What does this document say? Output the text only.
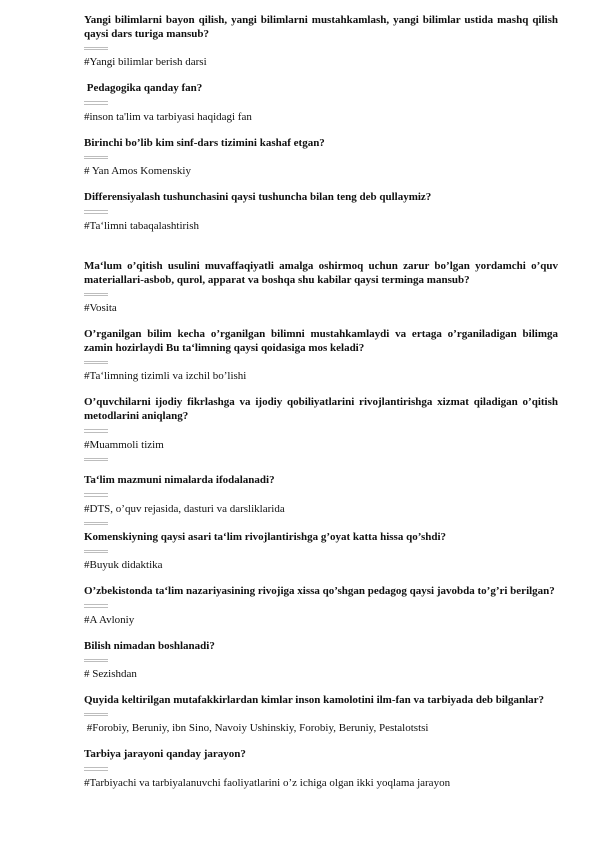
Yangi bilimlarni bayon qilish, yangi bilimlarni mustahkamlash, yangi bilimlar ustida mashq qilish qaysi dars turiga mansub?

#Yangi bilimlar berish darsi

Pedagogika qanday fan?

#inson ta'lim va tarbiyasi haqidagi fan

Birinchi bo’lib kim sinf-dars tizimini kashaf etgan?

# Yan Amos Komenskiy

Differensiyalash tushunchasini qaysi tushuncha bilan teng deb qullaymiz?

#Ta‘limni tabaqalashtirish

Ma‘lum o’qitish usulini muvaffaqiyatli amalga oshirmoq uchun zarur bo’lgan yordamchi o’quv materiallari-asbob, qurol, apparat va boshqa shu kabilar qaysi terminga mansub?

#Vosita

O’rganilgan bilim kecha o’rganilgan bilimni mustahkamlaydi va ertaga o’rganiladigan bilimga zamin hozirlaydi Bu ta‘limning qaysi qoidasiga mos keladi?

#Ta‘limning tizimli va izchil bo’lishi

O’quvchilarni ijodiy fikrlashga va ijodiy qobiliyatlarini rivojlantirishga xizmat qiladigan o’qitish metodlarini aniqlang?

#Muammoli tizim

Ta‘lim mazmuni nimalarda ifodalanadi?

#DTS, o’quv rejasida, dasturi va darsliklarida

Komenskiyning qaysi asari ta‘lim rivojlantirishga g’oyat katta hissa qo’shdi?

#Buyuk didaktika

O’zbekistonda ta‘lim nazariyasining rivojiga xissa qo’shgan pedagog qaysi javobda to’g’ri berilgan?

#A Avloniy

Bilish nimadan boshlanadi?

# Sezishdan

Quyida keltirilgan mutafakkirlardan kimlar inson kamolotini ilm-fan va tarbiyada deb bilganlar?

#Forobiy, Beruniy, ibn Sino, Navoiy Ushinskiy, Forobiy, Beruniy, Pestalotstsi

Tarbiya jarayoni qanday jarayon?

#Tarbiyachi va tarbiyalanuvchi faoliyatlarini o’z ichiga olgan ikki yoqlama jarayon
